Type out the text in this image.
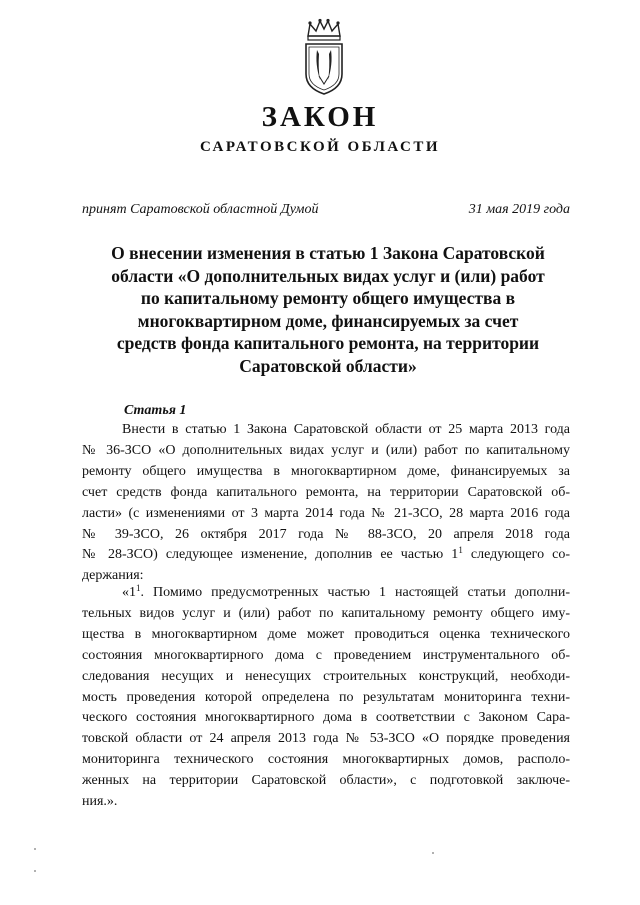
ЗАКОН
САРАТОВСКОЙ ОБЛАСТИ
принят Саратовской областной Думой	31 мая 2019 года
О внесении изменения в статью 1 Закона Саратовской
области «О дополнительных видах услуг и (или) работ
по капитальному ремонту общего имущества в
многоквартирном доме, финансируемых за счет
средств фонда капитального ремонта, на территории
Саратовской области»
Статья 1
Внести в статью 1 Закона Саратовской области от 25 марта 2013 года
№ 36-ЗСО «О дополнительных видах услуг и (или) работ по капитальному
ремонту общего имущества в многоквартирном доме, финансируемых за
счет средств фонда капитального ремонта, на территории Саратовской об-
ласти» (с изменениями от 3 марта 2014 года № 21-ЗСО, 28 марта 2016 года
№ 39-ЗСО, 26 октября 2017 года № 88-ЗСО, 20 апреля 2018 года
№ 28-ЗСО) следующее изменение, дополнив ее частью $1^1$ следующего со-
держания:
«$1^1$. Помимо предусмотренных частью 1 настоящей статьи дополни-
тельных видов услуг и (или) работ по капитальному ремонту общего иму-
щества в многоквартирном доме может проводиться оценка технического
состояния многоквартирного дома с проведением инструментального об-
следования несущих и ненесущих строительных конструкций, необходи-
мость проведения которой определена по результатам мониторинга техни-
ческого состояния многоквартирного дома в соответствии с Законом Сара-
товской области от 24 апреля 2013 года № 53-ЗСО «О порядке проведения
мониторинга технического состояния многоквартирных домов, располо-
женных на территории Саратовской области», с подготовкой заключе-
ния.».
